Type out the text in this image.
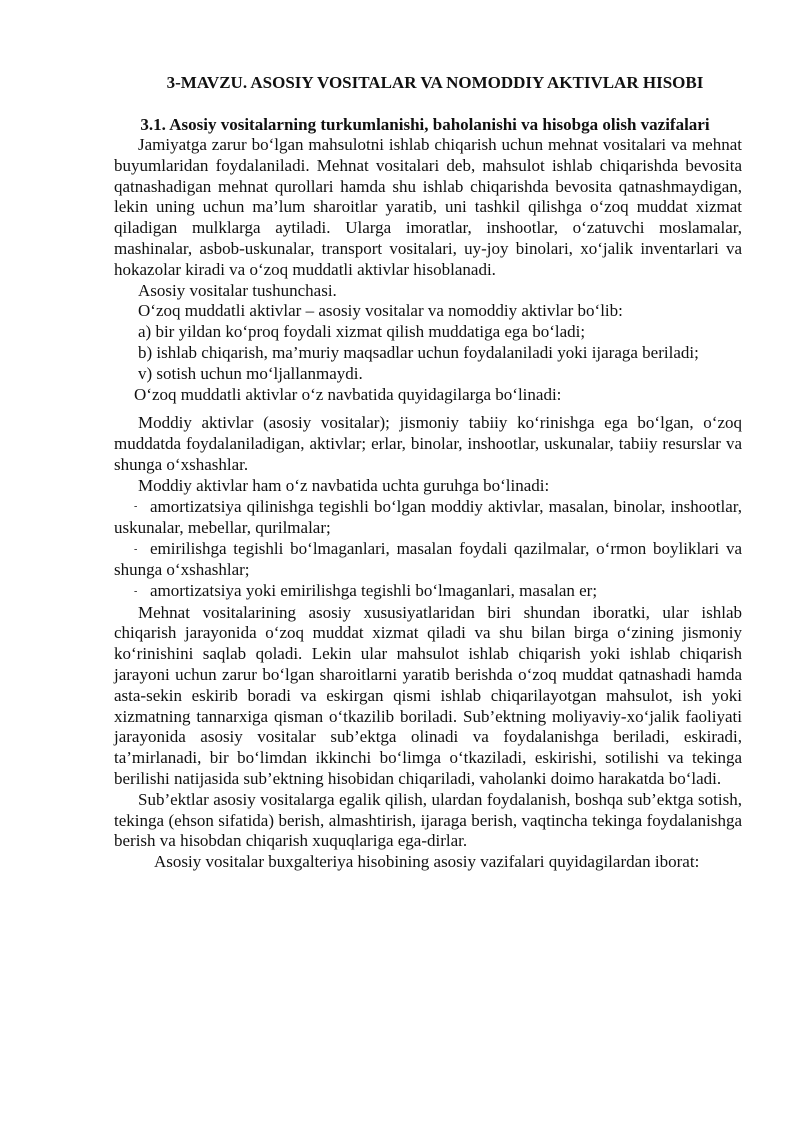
3-MAVZU. ASOSIY VOSITALAR VA NOMODDIY AKTIVLAR HISOBI
3.1. Asosiy vositalarning turkumlanishi, baholanishi va hisobga olish vazifalari

Jamiyatga zarur bo‘lgan mahsulotni ishlab chiqarish uchun mehnat vositalari va mehnat buyumlaridan foydalaniladi. Mehnat vositalari deb, mahsulot ishlab chiqarishda bevosita qatnashadigan mehnat qurollari hamda shu ishlab chiqarishda bevosita qatnashmaydigan, lekin uning uchun ma’lum sharoitlar yaratib, uni tashkil qilishga o‘zoq muddat xizmat qiladigan mulklarga aytiladi. Ularga imoratlar, inshootlar, o‘zatuvchi moslamalar, mashinalar, asbob-uskunalar, transport vositalari, uy-joy binolari, xo‘jalik inventarlari va hokazolar kiradi va o‘zoq muddatli aktivlar hisoblanadi.

Asosiy vositalar tushunchasi.

O‘zoq muddatli aktivlar – asosiy vositalar va nomoddiy aktivlar bo‘lib:

a) bir yildan ko‘proq foydali xizmat qilish muddatiga ega bo‘ladi;

b) ishlab chiqarish, ma’muriy maqsadlar uchun foydalaniladi yoki ijaraga beriladi;

v) sotish uchun mo‘ljallanmaydi.

O‘zoq muddatli aktivlar o‘z navbatida quyidagilarga bo‘linadi:

Moddiy aktivlar (asosiy vositalar); jismoniy tabiiy ko‘rinishga ega bo‘lgan, o‘zoq muddatda foydalaniladigan, aktivlar; erlar, binolar, inshootlar, uskunalar, tabiiy resurslar va shunga o‘xshashlar.

Moddiy aktivlar ham o‘z navbatida uchta guruhga bo‘linadi:

- amortizatsiya qilinishga tegishli bo‘lgan moddiy aktivlar, masalan, binolar, inshootlar, uskunalar, mebellar, qurilmalar;

- emirilishga tegishli bo‘lmaganlari, masalan foydali qazilmalar, o‘rmon boyliklari va shunga o‘xshashlar;

- amortizatsiya yoki emirilishga tegishli bo‘lmaganlari, masalan er;

Mehnat vositalarining asosiy xususiyatlaridan biri shundan iboratki, ular ishlab chiqarish jarayonida o‘zoq muddat xizmat qiladi va shu bilan birga o‘zining jismoniy ko‘rinishini saqlab qoladi. Lekin ular mahsulot ishlab chiqarish yoki ishlab chiqarish jarayoni uchun zarur bo‘lgan sharoitlarni yaratib berishda o‘zoq muddat qatnashadi hamda asta-sekin eskirib boradi va eskirgan qismi ishlab chiqarilayotgan mahsulot, ish yoki xizmatning tannarxiga qisman o‘tkazilib boriladi. Sub’ektning moliyaviy-xo‘jalik faoliyati jarayonida asosiy vositalar sub’ektga olinadi va foydalanishga beriladi, eskiradi, ta’mirlanadi, bir bo‘limdan ikkinchi bo‘limga o‘tkaziladi, eskirishi, sotilishi va tekinga berilishi natijasida sub’ektning hisobidan chiqariladi, vaholanki doimo harakatda bo‘ladi.

Sub’ektlar asosiy vositalarga egalik qilish, ulardan foydalanish, boshqa sub’ektga sotish, tekinga (ehson sifatida) berish, almashtirish, ijaraga berish, vaqtincha tekinga foydalanishga berish va hisobdan chiqarish xuquqlariga ega-dirlar.

Asosiy vositalar buxgalteriya hisobining asosiy vazifalari quyidagilardan iborat:
